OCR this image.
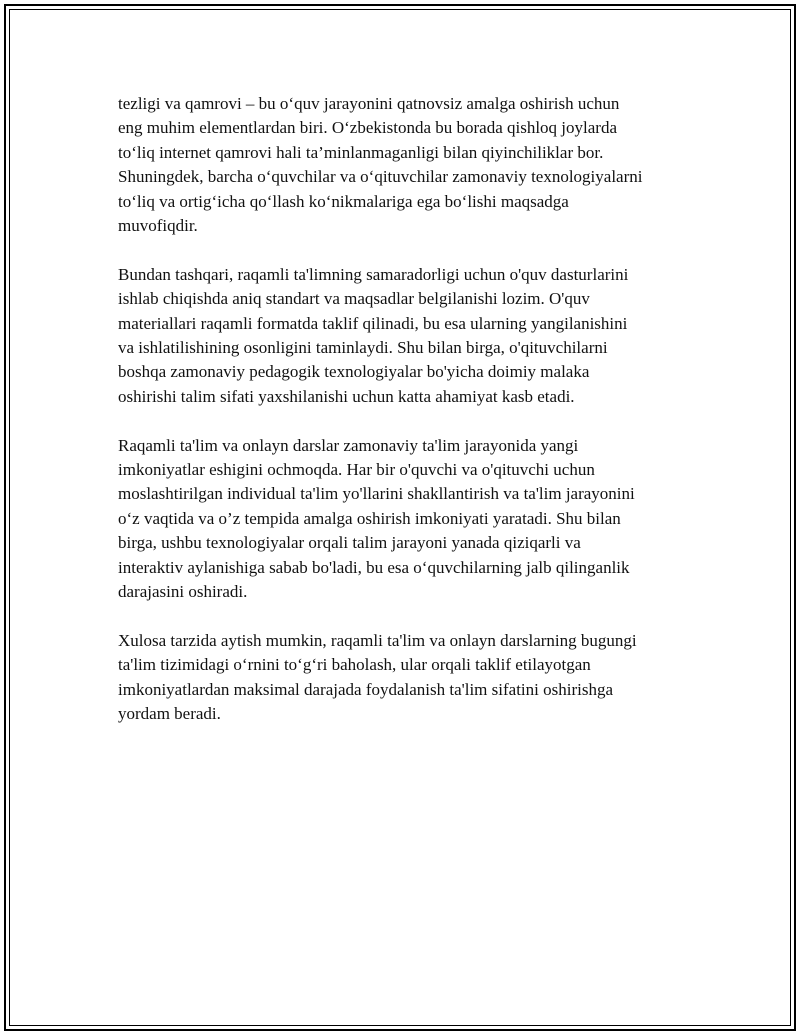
tezligi va qamrovi – bu o‘quv jarayonini qatnovsiz amalga oshirish uchun
eng muhim elementlardan biri. O‘zbekistonda bu borada qishloq joylarda
to‘liq internet qamrovi hali ta’minlanmaganligi bilan qiyinchiliklar bor.
Shuningdek, barcha o‘quvchilar va o‘qituvchilar zamonaviy texnologiyalarni
to‘liq va ortig‘icha qo‘llash ko‘nikmalariga ega bo‘lishi maqsadga
muvofiqdir.

Bundan tashqari, raqamli ta'limning samaradorligi uchun o'quv dasturlarini
ishlab chiqishda aniq standart va maqsadlar belgilanishi lozim. O'quv
materiallari raqamli formatda taklif qilinadi, bu esa ularning yangilanishini
va ishlatilishining osonligini taminlaydi. Shu bilan birga, o'qituvchilarni
boshqa zamonaviy pedagogik texnologiyalar bo'yicha doimiy malaka
oshirishi talim sifati yaxshilanishi uchun katta ahamiyat kasb etadi.

Raqamli ta'lim va onlayn darslar zamonaviy ta'lim jarayonida yangi
imkoniyatlar eshigini ochmoqda. Har bir o'quvchi va o'qituvchi uchun
moslashtirilgan individual ta'lim yo'llarini shakllantirish va ta'lim jarayonini
o‘z vaqtida va o’z tempida amalga oshirish imkoniyati yaratadi. Shu bilan
birga, ushbu texnologiyalar orqali talim jarayoni yanada qiziqarli va
interaktiv aylanishiga sabab bo'ladi, bu esa o‘quvchilarning jalb qilinganlik
darajasini oshiradi.

Xulosa tarzida aytish mumkin, raqamli ta'lim va onlayn darslarning bugungi
ta'lim tizimidagi o‘rnini to‘g‘ri baholash, ular orqali taklif etilayotgan
imkoniyatlardan maksimal darajada foydalanish ta'lim sifatini oshirishga
yordam beradi.
